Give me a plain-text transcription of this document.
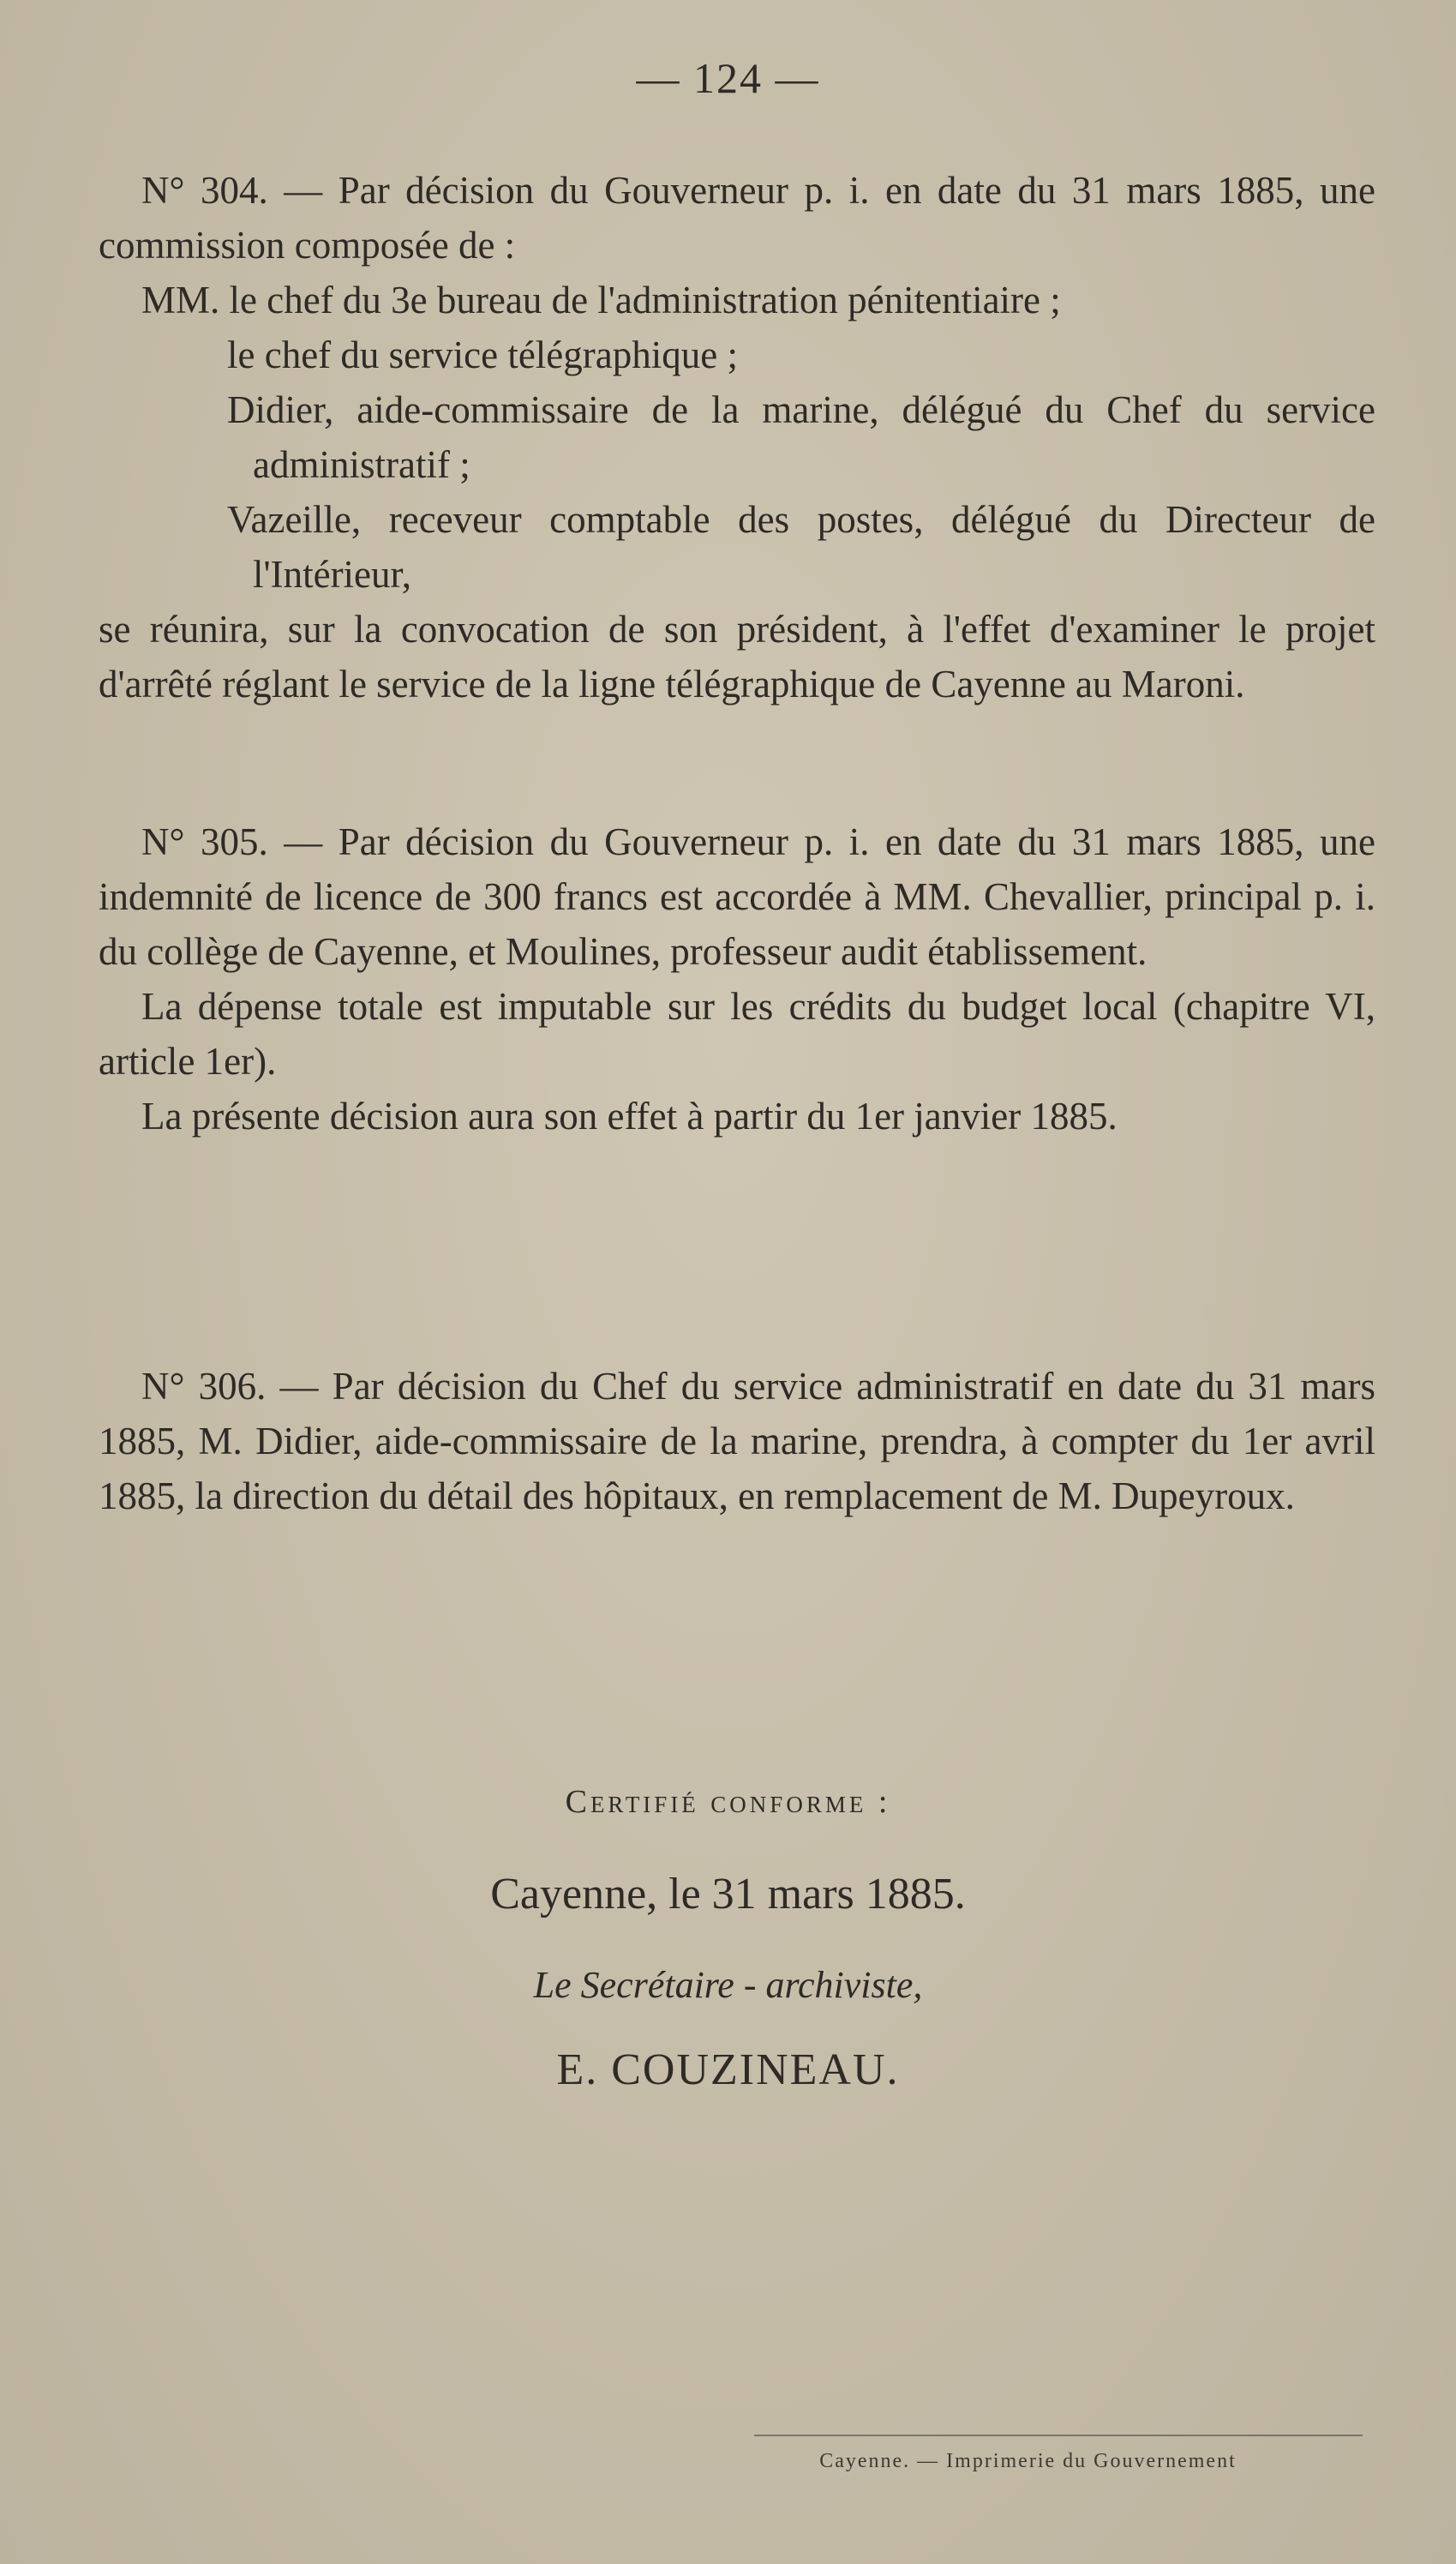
— 124 —

N° 304. — Par décision du Gouverneur p. i. en date du 31 mars 1885, une commission composée de :

MM. le chef du 3e bureau de l'administration pénitentiaire ;
le chef du service télégraphique ;
Didier, aide-commissaire de la marine, délégué du Chef du service administratif ;
Vazeille, receveur comptable des postes, délégué du Directeur de l'Intérieur,

se réunira, sur la convocation de son président, à l'effet d'examiner le projet d'arrêté réglant le service de la ligne télégraphique de Cayenne au Maroni.

N° 305. — Par décision du Gouverneur p. i. en date du 31 mars 1885, une indemnité de licence de 300 francs est accordée à MM. Chevallier, principal p. i. du collège de Cayenne, et Moulines, professeur audit établissement.

La dépense totale est imputable sur les crédits du budget local (chapitre VI, article 1er).

La présente décision aura son effet à partir du 1er janvier 1885.

N° 306. — Par décision du Chef du service administratif en date du 31 mars 1885, M. Didier, aide-commissaire de la marine, prendra, à compter du 1er avril 1885, la direction du détail des hôpitaux, en remplacement de M. Dupeyroux.

Certifié conforme :
Cayenne, le 31 mars 1885.
Le Secrétaire - archiviste,
E. COUZINEAU.
Cayenne. — Imprimerie du Gouvernement
